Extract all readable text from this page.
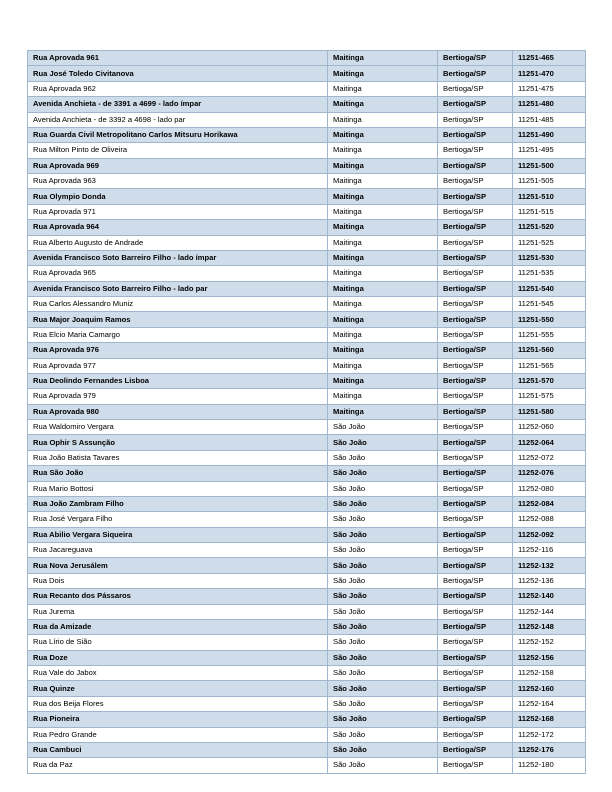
Rua Aprovada 961	Maitinga	Bertioga/SP	11251-465
Rua José Toledo Civitanova	Maitinga	Bertioga/SP	11251-470
Rua Aprovada 962	Maitinga	Bertioga/SP	11251-475
Avenida Anchieta - de 3391 a 4699 - lado ímpar	Maitinga	Bertioga/SP	11251-480
Avenida Anchieta - de 3392 a 4698 - lado par	Maitinga	Bertioga/SP	11251-485
Rua Guarda Civil Metropolitano Carlos Mitsuru Horikawa	Maitinga	Bertioga/SP	11251-490
Rua Milton Pinto de Oliveira	Maitinga	Bertioga/SP	11251-495
Rua Aprovada 969	Maitinga	Bertioga/SP	11251-500
Rua Aprovada 963	Maitinga	Bertioga/SP	11251-505
Rua Olympio Donda	Maitinga	Bertioga/SP	11251-510
Rua Aprovada 971	Maitinga	Bertioga/SP	11251-515
Rua Aprovada 964	Maitinga	Bertioga/SP	11251-520
Rua Alberto Augusto de Andrade	Maitinga	Bertioga/SP	11251-525
Avenida Francisco Soto Barreiro Filho - lado ímpar	Maitinga	Bertioga/SP	11251-530
Rua Aprovada 965	Maitinga	Bertioga/SP	11251-535
Avenida Francisco Soto Barreiro Filho - lado par	Maitinga	Bertioga/SP	11251-540
Rua Carlos Alessandro Muniz	Maitinga	Bertioga/SP	11251-545
Rua Major Joaquim Ramos	Maitinga	Bertioga/SP	11251-550
Rua Elcio Maria Camargo	Maitinga	Bertioga/SP	11251-555
Rua Aprovada 976	Maitinga	Bertioga/SP	11251-560
Rua Aprovada 977	Maitinga	Bertioga/SP	11251-565
Rua Deolindo Fernandes Lisboa	Maitinga	Bertioga/SP	11251-570
Rua Aprovada 979	Maitinga	Bertioga/SP	11251-575
Rua Aprovada 980	Maitinga	Bertioga/SP	11251-580
Rua Waldomiro Vergara	São João	Bertioga/SP	11252-060
Rua Ophir S Assunção	São João	Bertioga/SP	11252-064
Rua João Batista Tavares	São João	Bertioga/SP	11252-072
Rua São João	São João	Bertioga/SP	11252-076
Rua Mario Bottosi	São João	Bertioga/SP	11252-080
Rua João Zambram Filho	São João	Bertioga/SP	11252-084
Rua José Vergara Filho	São João	Bertioga/SP	11252-088
Rua Abilio Vergara Siqueira	São João	Bertioga/SP	11252-092
Rua Jacareguava	São João	Bertioga/SP	11252-116
Rua Nova Jerusálem	São João	Bertioga/SP	11252-132
Rua Dois	São João	Bertioga/SP	11252-136
Rua Recanto dos Pássaros	São João	Bertioga/SP	11252-140
Rua Jurema	São João	Bertioga/SP	11252-144
Rua da Amizade	São João	Bertioga/SP	11252-148
Rua Lírio de Sião	São João	Bertioga/SP	11252-152
Rua Doze	São João	Bertioga/SP	11252-156
Rua Vale do Jabox	São João	Bertioga/SP	11252-158
Rua Quinze	São João	Bertioga/SP	11252-160
Rua dos Beija Flores	São João	Bertioga/SP	11252-164
Rua Pioneira	São João	Bertioga/SP	11252-168
Rua Pedro Grande	São João	Bertioga/SP	11252-172
Rua Cambuci	São João	Bertioga/SP	11252-176
Rua da Paz	São João	Bertioga/SP	11252-180
